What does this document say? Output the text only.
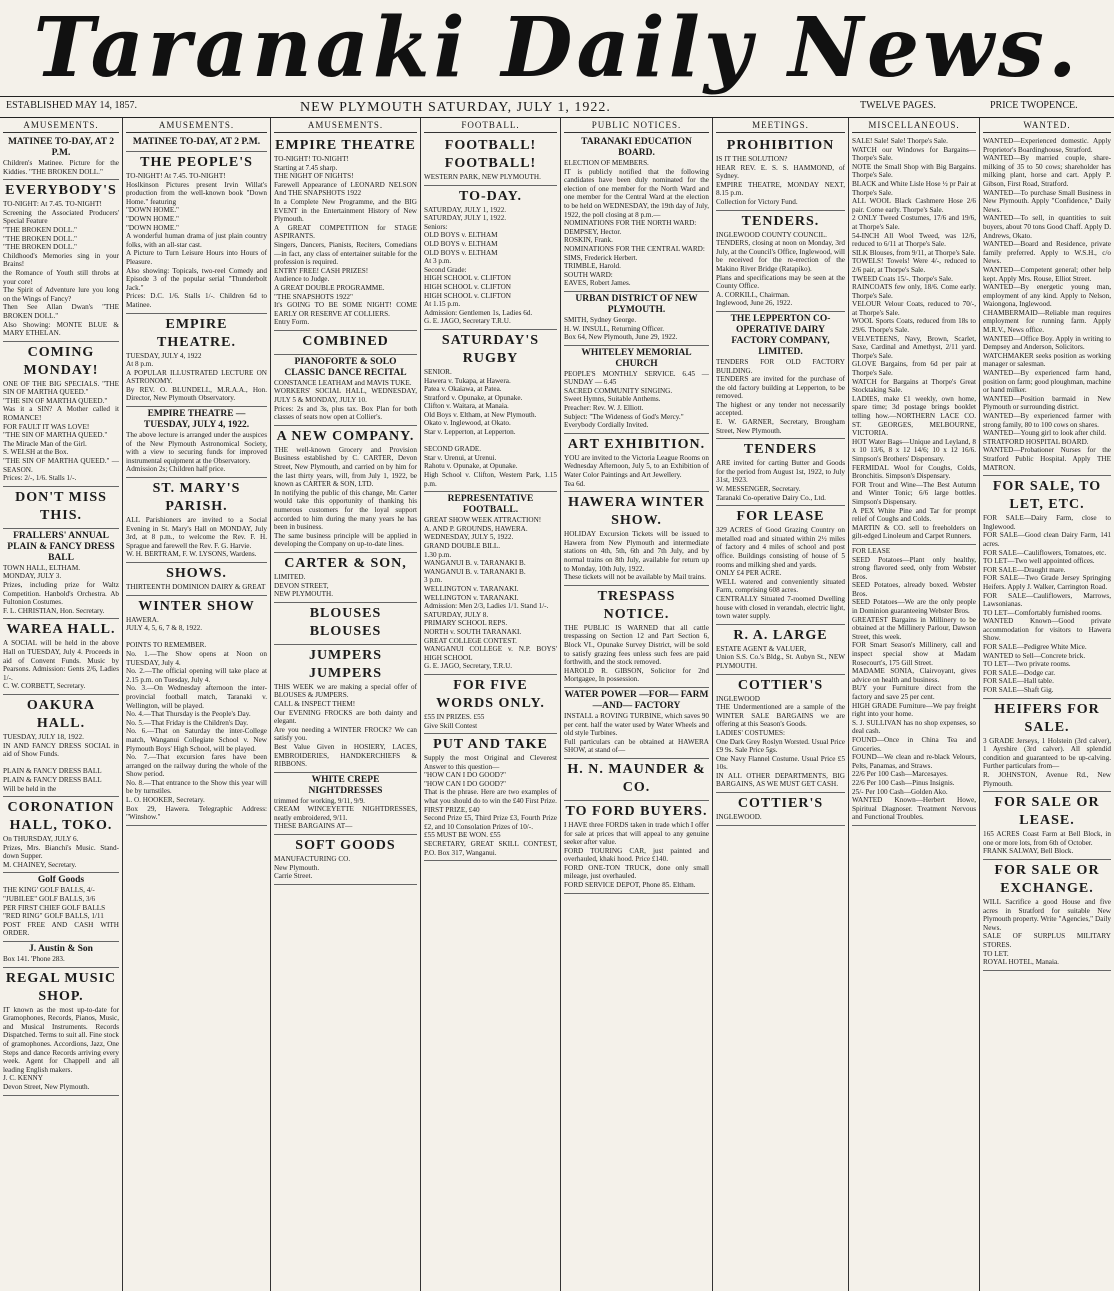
Taranaki Daily News.
ESTABLISHED MAY 14, 1857.	NEW PLYMOUTH SATURDAY, JULY 1, 1922.	TWELVE PAGES.	PRICE TWOPENCE.
AMUSEMENTS.
MATINEE TO-DAY, AT 2 P.M.
Children's Matinee. Picture for the Kiddies. "THE BROKEN DOLL."
EVERYBODY'S
TO-NIGHT: At 7.45. TO-NIGHT!
Screening the Associated Producers' Special Feature
"THE BROKEN DOLL."
"THE BROKEN DOLL."
"THE BROKEN DOLL."
Childhood's Memories sing in your Brains!
the Romance of Youth still throbs at your core!
The Spirit of Adventure lure you long on the Wings of Fancy?
Then See Allan Dwan's "THE BROKEN DOLL."
Also Showing: MONTE BLUE & MARY ETHELAN.
COMING MONDAY!
ONE OF THE BIG SPECIALS. "THE SIN OF MARTHA QUEED."
"THE SIN OF MARTHA QUEED."
Was it a SIN? A Mother called it ROMANCE!
FOR FAULT IT WAS LOVE!
"THE SIN OF MARTHA QUEED."
The Miracle Man of the Girl.
S. WELSH at the Box.
"THE SIN OF MARTHA QUEED." — SEASON.
Prices: 2/-, 1/6. Stalls 1/-.
DON'T MISS THIS.
FRALLERS' ANNUAL PLAIN & FANCY DRESS BALL
TOWN HALL, ELTHAM.
MONDAY, JULY 3.
Prizes, including prize for Waltz Competition. Hanbold's Orchestra. Ab Fultonion Costumes.
F. L. CHRISTIAN, Hon. Secretary.
WAREA HALL.
A SOCIAL will be held in the above Hall on TUESDAY, July 4. Proceeds in aid of Convent Funds. Music by Pearsons. Admission: Gents 2/6, Ladies 1/-.
C. W. CORBETT, Secretary.
OAKURA HALL.
TUESDAY, JULY 18, 1922.
IN AND FANCY DRESS SOCIAL in aid of Show Funds.

PLAIN & FANCY DRESS BALL
PLAIN & FANCY DRESS BALL
Will be held in the
CORONATION HALL, TOKO.
On THURSDAY, JULY 6.
Prizes, Mrs. Bianchi's Music. Stand-down Supper.
M. CHAINEY, Secretary.
Golf Goods
THE KING' GOLF BALLS, 4/-
"JUBILEE" GOLF BALLS, 3/6
PER FIRST CHIEF GOLF BALLS
"RED RING" GOLF BALLS, 1/11
POST FREE AND CASH WITH ORDER.
J. Austin & Son
Box 141. 'Phone 283.
REGAL MUSIC SHOP.
IT known as the most up-to-date for Gramophones, Records, Pianos, Music, and Musical Instruments. Records Dispatched. Terms to suit all. Fine stock of gramophones. Accordions, Jazz, One Steps and dance Records arriving every week. Agent for Chappell and all leading English makers.
J. C. KENNY
Devon Street, New Plymouth.
AMUSEMENTS.
MATINEE TO-DAY, AT 2 P.M.
THE PEOPLE'S
TO-NIGHT! At 7.45. TO-NIGHT!
Hoslkinson Pictures present Irvin Willat's production from the well-known book "Down Home." featuring
"DOWN HOME."
"DOWN HOME."
"DOWN HOME."
A wonderful human drama of just plain country folks, with an all-star cast.
A Picture to Turn Leisure Hours into Hours of Pleasure.
Also showing: Topicals, two-reel Comedy and Episode 3 of the popular serial "Thunderbolt Jack."
Prices: D.C. 1/6. Stalls 1/-. Children 6d to Matinee.
EMPIRE THEATRE.
TUESDAY, JULY 4, 1922
At 8 p.m.
A POPULAR ILLUSTRATED LECTURE ON ASTRONOMY.
By REV. O. BLUNDELL, M.R.A.A., Hon. Director, New Plymouth Observatory.
EMPIRE THEATRE — TUESDAY, JULY 4, 1922.
The above lecture is arranged under the auspices of the New Plymouth Astronomical Society, with a view to securing funds for improved instrumental equipment at the Observatory.
Admission 2s; Children half price.
ST. MARY'S PARISH.
ALL Parishioners are invited to a Social Evening in St. Mary's Hall on MONDAY, July 3rd, at 8 p.m., to welcome the Rev. F. H. Sprague and farewell the Rev. F. G. Harvie.
W. H. BERTRAM, F. W. LYSONS, Wardens.
SHOWS.
THIRTEENTH DOMINION DAIRY & GREAT
WINTER SHOW
HAWERA.
JULY 4, 5, 6, 7 & 8, 1922.

POINTS TO REMEMBER.
No. 1.—The Show opens at Noon on TUESDAY, July 4.
No. 2.—The official opening will take place at 2.15 p.m. on Tuesday, July 4.
No. 3.—On Wednesday afternoon the inter-provincial football match, Taranaki v. Wellington, will be played.
No. 4.—That Thursday is the People's Day.
No. 5.—That Friday is the Children's Day.
No. 6.—That on Saturday the inter-College match, Wanganui Collegiate School v. New Plymouth Boys' High School, will be played.
No. 7.—That excursion fares have been arranged on the railway during the whole of the Show period.
No. 8.—That entrance to the Show this year will be by turnstiles.
L. O. HOOKER, Secretary.
Box 29, Hawera. Telegraphic Address: "Winshow."
AMUSEMENTS.
EMPIRE THEATRE
TO-NIGHT! TO-NIGHT!
Starting at 7.45 sharp.
THE NIGHT OF NIGHTS!
Farewell Appearance of LEONARD NELSON And THE SNAPSHOTS 1922
In a Complete New Programme, and the BIG EVENT in the Entertainment History of New Plymouth.
A GREAT COMPETITION for STAGE ASPIRANTS.
Singers, Dancers, Pianists, Reciters, Comedians—in fact, any class of entertainer suitable for the profession is required.
ENTRY FREE! CASH PRIZES!
Audience to Judge.
A GREAT DOUBLE PROGRAMME.
"THE SNAPSHOTS 1922"
It's GOING TO BE SOME NIGHT! COME EARLY OR RESERVE AT COLLIERS.
Entry Form.
COMBINED
PIANOFORTE & SOLO CLASSIC DANCE RECITAL
CONSTANCE LEATHAM and MAVIS TUKE.
WORKERS' SOCIAL HALL, WEDNESDAY, JULY 5 & MONDAY, JULY 10.
Prices: 2s and 3s, plus tax. Box Plan for both classes of seats now open at Collier's.
A NEW COMPANY.
THE well-known Grocery and Provision Business established by C. CARTER, Devon Street, New Plymouth, and carried on by him for the last thirty years, will, from July 1, 1922, be known as CARTER & SON, LTD.
In notifying the public of this change, Mr. Carter would take this opportunity of thanking his numerous customers for the loyal support accorded to him during the many years he has been in business.
The same business principle will be applied in developing the Company on up-to-date lines.
CARTER & SON,
LIMITED.
DEVON STREET,
NEW PLYMOUTH.
BLOUSES BLOUSES
JUMPERS JUMPERS
THIS WEEK we are making a special offer of BLOUSES & JUMPERS.
CALL & INSPECT THEM!
Our EVENING FROCKS are both dainty and elegant.
Are you needing a WINTER FROCK? We can satisfy you.
Best Value Given in HOSIERY, LACES, EMBROIDERIES, HANDKERCHIEFS & RIBBONS.
WHITE CREPE NIGHTDRESSES
trimmed for working, 9/11, 9/9.
CREAM WINCEYETTE NIGHTDRESSES, neatly embroidered, 9/11.
THESE BARGAINS AT—
SOFT GOODS
MANUFACTURING CO.
New Plymouth.
Carrie Street.
FOOTBALL.
FOOTBALL! FOOTBALL!
WESTERN PARK, NEW PLYMOUTH.
TO-DAY.
SATURDAY, JULY 1, 1922.
SATURDAY, JULY 1, 1922.
Seniors:
OLD BOYS v. ELTHAM
OLD BOYS v. ELTHAM
OLD BOYS v. ELTHAM
At 3 p.m.
Second Grade:
HIGH SCHOOL v. CLIFTON
HIGH SCHOOL v. CLIFTON
HIGH SCHOOL v. CLIFTON
At 1.15 p.m.
Admission: Gentlemen 1s, Ladies 6d.
G. E. JAGO, Secretary T.R.U.
SATURDAY'S RUGBY
SENIOR.
Hawera v. Tukapa, at Hawera.
Patea v. Okaiawa, at Patea.
Stratford v. Opunake, at Opunake.
Clifton v. Waitara, at Manaia.
Old Boys v. Eltham, at New Plymouth.
Okato v. Inglewood, at Okato.
Star v. Lepperton, at Lepperton.

SECOND GRADE.
Star v. Urenui, at Urenui.
Rahotu v. Opunake, at Opunake.
High School v. Clifton, Western Park, 1.15 p.m.
REPRESENTATIVE FOOTBALL.
GREAT SHOW WEEK ATTRACTION!
A. AND P. GROUNDS, HAWERA.
WEDNESDAY, JULY 5, 1922.
GRAND DOUBLE BILL.
1.30 p.m.
WANGANUI B. v. TARANAKI B.
WANGANUI B. v. TARANAKI B.
3 p.m.
WELLINGTON v. TARANAKI.
WELLINGTON v. TARANAKI.
Admission: Men 2/3, Ladies 1/1. Stand 1/-.
SATURDAY, JULY 8.
PRIMARY SCHOOL REPS.
NORTH v. SOUTH TARANAKI.
GREAT COLLEGE CONTEST.
WANGANUI COLLEGE v. N.P. BOYS' HIGH SCHOOL
G. E. JAGO, Secretary, T.R.U.
FOR FIVE WORDS ONLY.
£55 IN PRIZES. £55
Give Skill Contest
PUT AND TAKE
Supply the most Original and Cleverest Answer to this question—
"HOW CAN I DO GOOD?"
"HOW CAN I DO GOOD?"
That is the phrase. Here are two examples of what you should do to win the £40 First Prize.
FIRST PRIZE, £40
Second Prize £5, Third Prize £3, Fourth Prize £2, and 10 Consolation Prizes of 10/-.
£55 MUST BE WON. £55
SECRETARY, GREAT SKILL CONTEST, P.O. Box 317, Wanganui.
PUBLIC NOTICES.
TARANAKI EDUCATION BOARD.
ELECTION OF MEMBERS.
IT is publicly notified that the following candidates have been duly nominated for the election of one member for the North Ward and one member for the Central Ward at the election to be held on WEDNESDAY, the 19th day of July, 1922, the poll closing at 8 p.m.—
NOMINATIONS FOR THE NORTH WARD:
DEMPSEY, Hector.
ROSKIN, Frank.
NOMINATIONS FOR THE CENTRAL WARD:
SIMS, Frederick Herbert.
TRIMBLE, Harold.
SOUTH WARD:
EAVES, Robert James.
URBAN DISTRICT OF NEW PLYMOUTH.
SMITH, Sydney George.
H. W. INSULL, Returning Officer.
Box 64, New Plymouth, June 29, 1922.
WHITELEY MEMORIAL CHURCH
PEOPLE'S MONTHLY SERVICE. 6.45 — SUNDAY — 6.45
SACRED COMMUNITY SINGING.
Sweet Hymns, Suitable Anthems.
Preacher: Rev. W. J. Elliott.
Subject: "The Wideness of God's Mercy."
Everybody Cordially Invited.
ART EXHIBITION.
YOU are invited to the Victoria League Rooms on Wednesday Afternoon, July 5, to an Exhibition of Water Color Paintings and Art Jewellery.
Tea 6d.
HAWERA WINTER SHOW.
HOLIDAY Excursion Tickets will be issued to Hawera from New Plymouth and intermediate stations on 4th, 5th, 6th and 7th July, and by normal trains on 8th July, available for return up to Monday, 10th July, 1922.
These tickets will not be available by Mail trains.
TRESPASS NOTICE.
THE PUBLIC IS WARNED that all cattle trespassing on Section 12 and Part Section 6, Block VI., Opunake Survey District, will be sold to satisfy grazing fees unless such fees are paid forthwith, and the stock removed.
HAROLD R. GIBSON, Solicitor for 2nd Mortgagee, In possession.
WATER POWER —FOR— FARM —AND— FACTORY
INSTALL a ROVING TURBINE, which saves 90 per cent. half the water used by Water Wheels and old style Turbines.
Full particulars can be obtained at HAWERA SHOW, at stand of—
H. N. MAUNDER & CO.
TO FORD BUYERS.
I HAVE three FORDS taken in trade which I offer for sale at prices that will appeal to any genuine seeker after value.
FORD TOURING CAR, just painted and overhauled, khaki hood. Price £140.
FORD ONE-TON TRUCK, done only small mileage, just overhauled.
FORD SERVICE DEPOT, Phone 85. Eltham.
MEETINGS.
PROHIBITION
IS IT THE SOLUTION?
HEAR REV. E. S. S. HAMMOND, of Sydney.
EMPIRE THEATRE, MONDAY NEXT, 8.15 p.m.
Collection for Victory Fund.
TENDERS.
INGLEWOOD COUNTY COUNCIL.
TENDERS, closing at noon on Monday, 3rd July, at the Council's Office, Inglewood, will be received for the re-erection of the Makino River Bridge (Ratapiko).
Plans and specifications may be seen at the County Office.
A. CORKILL, Chairman.
Inglewood, June 26, 1922.
THE LEPPERTON CO-OPERATIVE DAIRY FACTORY COMPANY, LIMITED.
TENDERS FOR OLD FACTORY BUILDING.
TENDERS are invited for the purchase of the old factory building at Lepperton, to be removed.
The highest or any tender not necessarily accepted.
E. W. GARNER, Secretary, Brougham Street, New Plymouth.
TENDERS
ARE invited for carting Butter and Goods for the period from August 1st, 1922, to July 31st, 1923.
W. MESSENGER, Secretary.
Taranaki Co-operative Dairy Co., Ltd.
FOR LEASE
329 ACRES of Good Grazing Country on metalled road and situated within 2½ miles of factory and 4 miles of school and post office. Buildings consisting of house of 5 rooms and milking shed and yards.
ONLY £4 PER ACRE.
WELL watered and conveniently situated Farm, comprising 608 acres.
CENTRALLY Situated 7-roomed Dwelling house with closed in verandah, electric light, town water supply.
R. A. LARGE
ESTATE AGENT & VALUER,
Union S.S. Co.'s Bldg., St. Aubyn St., NEW PLYMOUTH.
COTTIER'S
INGLEWOOD
THE Undermentioned are a sample of the WINTER SALE BARGAINS we are offering at this Season's Goods.
LADIES' COSTUMES:
One Dark Grey Roslyn Worsted. Usual Price £9 9s. Sale Price 5gs.
One Navy Flannel Costume. Usual Price £5 10s.
IN ALL OTHER DEPARTMENTS, BIG BARGAINS, AS WE MUST GET CASH.
COTTIER'S
INGLEWOOD.
MISCELLANEOUS.
SALE! Sale! Sale! Thorpe's Sale.
WATCH our Windows for Bargains—Thorpe's Sale.
NOTE the Small Shop with Big Bargains. Thorpe's Sale.
BLACK and White Lisle Hose ½ pr Pair at Thorpe's Sale.
ALL WOOL Black Cashmere Hose 2/6 pair. Come early. Thorpe's Sale.
2 ONLY Tweed Costumes, 17/6 and 19/6, at Thorpe's Sale.
54-INCH All Wool Tweed, was 12/6, reduced to 6/11 at Thorpe's Sale.
SILK Blouses, from 9/11, at Thorpe's Sale.
TOWELS! Towels! Were 4/-, reduced to 2/6 pair, at Thorpe's Sale.
TWEED Coats 15/-. Thorpe's Sale.
RAINCOATS few only, 18/6. Come early. Thorpe's Sale.
VELOUR Velour Coats, reduced to 70/-, at Thorpe's Sale.
WOOL Sports Coats, reduced from 18s to 29/6. Thorpe's Sale.
VELVETEENS, Navy, Brown, Scarlet, Saxe, Cardinal and Amethyst, 2/11 yard. Thorpe's Sale.
GLOVE Bargains, from 6d per pair at Thorpe's Sale.
WATCH for Bargains at Thorpe's Great Stocktaking Sale.
LADIES, make £1 weekly, own home, spare time; 3d postage brings booklet telling how.—NORTHERN LACE CO. ST. GEORGES, MELBOURNE, VICTORIA.
HOT Water Bags—Unique and Leyland, 8 x 10 13/6, 8 x 12 14/6; 10 x 12 16/6. Simpson's Brothers' Dispensary.
FERMIDAL Wool for Coughs, Colds, Bronchitis. Simpson's Dispensary.
FOR Trout and Wine—The Best Autumn and Winter Tonic; 6/6 large bottles. Simpson's Dispensary.
A PEX White Pine and Tar for prompt relief of Coughs and Colds.
MARTIN & CO. sell to freeholders on gilt-edged Linoleum and Carpet Runners.
FOR LEASE
SEED Potatoes—Plant only healthy, strong flavored seed, only from Webster Bros.
SEED Potatoes, already boxed. Webster Bros.
SEED Potatoes—We are the only people in Dominion guaranteeing Webster Bros.
GREATEST Bargains in Millinery to be obtained at the Millinery Parlour, Dawson Street, this week.
FOR Smart Season's Millinery, call and inspect special show at Madam Rosecourt's, 175 Gill Street.
MADAME SONIA, Clairvoyant, gives advice on health and business.
BUY your Furniture direct from the factory and save 25 per cent.
HIGH GRADE Furniture—We pay freight right into your home.
S. J. SULLIVAN has no shop expenses, so deal cash.
FOUND—Once in China Tea and Groceries.
FOUND—We clean and re-black Velours, Pelts, Panamas, and Straws.
22/6 Per 100 Cash—Marcesayes.
22/6 Per 100 Cash—Pinus Insignis.
25/- Per 100 Cash—Golden Ako.
WANTED Known—Herbert Howe, Spiritual Diagnoser. Treatment Nervous and Functional Troubles.
WANTED.
WANTED—Experienced domestic. Apply Proprietor's Boardinghouse, Stratford.
WANTED—By married couple, share-milking of 35 to 50 cows; shareholder has milking plant, horse and cart. Apply P. Gibson, First Road, Stratford.
WANTED—To purchase Small Business in New Plymouth. Apply "Confidence," Daily News.
WANTED—To sell, in quantities to suit buyers, about 70 tons Good Chaff. Apply D. Andrews, Okato.
WANTED—Board and Residence, private family preferred. Apply to W.S.H., c/o News.
WANTED—Competent general; other help kept. Apply Mrs. Rouse, Elliot Street.
WANTED—By energetic young man, employment of any kind. Apply to Nelson, Waiongona, Inglewood.
CHAMBERMAID—Reliable man requires employment for running farm. Apply M.R.V., News office.
WANTED—Office Boy. Apply in writing to Dempsey and Anderson, Solicitors.
WATCHMAKER seeks position as working manager or salesman.
WANTED—By experienced farm hand, position on farm; good ploughman, machine or hand milker.
WANTED—Position barmaid in New Plymouth or surrounding district.
WANTED—By experienced farmer with strong family, 80 to 100 cows on shares.
WANTED—Young girl to look after child.
STRATFORD HOSPITAL BOARD.
WANTED—Probationer Nurses for the Stratford Public Hospital. Apply THE MATRON.
FOR SALE, TO LET, ETC.
FOR SALE—Dairy Farm, close to Inglewood.
FOR SALE—Good clean Dairy Farm, 141 acres.
FOR SALE—Cauliflowers, Tomatoes, etc.
TO LET—Two well appointed offices.
FOR SALE—Draught mare.
FOR SALE—Two Grade Jersey Springing Heifers. Apply J. Walker, Carrington Road.
FOR SALE—Cauliflowers, Marrows, Lawsonianas.
TO LET—Comfortably furnished rooms.
WANTED Known—Good private accommodation for visitors to Hawera Show.
FOR SALE—Pedigree White Mice.
WANTED to Sell—Concrete brick.
TO LET—Two private rooms.
FOR SALE—Dodge car.
FOR SALE—Hall table.
FOR SALE—Shaft Gig.
HEIFERS FOR SALE.
3 GRADE Jerseys, 1 Holstein (3rd calver), 1 Ayrshire (3rd calver). All splendid condition and guaranteed to be up-calving. Further particulars from—
R. JOHNSTON, Avenue Rd., New Plymouth.
FOR SALE OR LEASE.
165 ACRES Coast Farm at Bell Block, in one or more lots, from 6th of October.
FRANK SALWAY, Bell Block.
FOR SALE OR EXCHANGE.
WILL Sacrifice a good House and five acres in Stratford for suitable New Plymouth property. Write "Agencies," Daily News.
SALE OF SURPLUS MILITARY STORES.
TO LET.
ROYAL HOTEL, Manaia.
